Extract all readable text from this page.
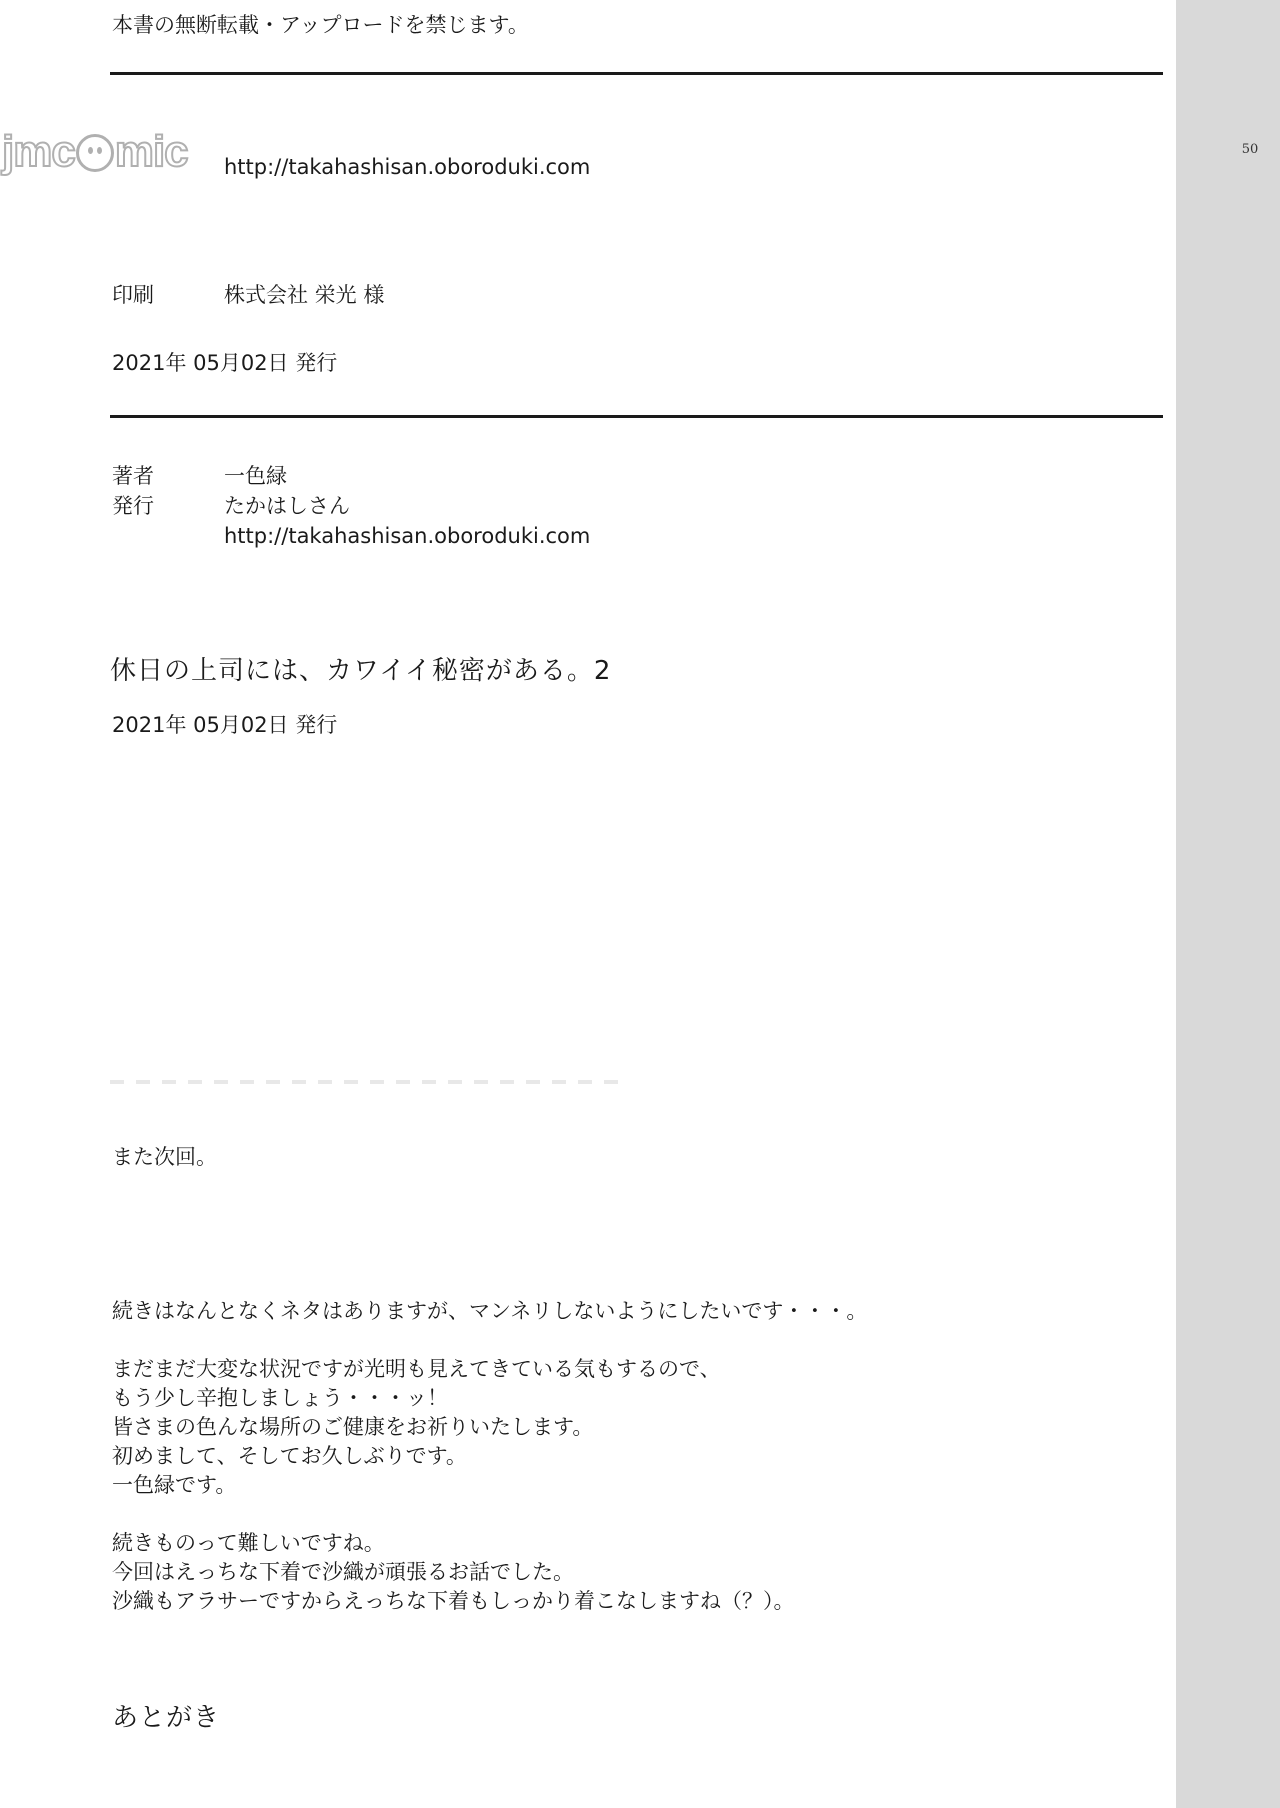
jmc mic
本書の無断転載・アップロードを禁じます。
http://takahashisan.oboroduki.com
印刷	株式会社 栄光 様
2021年 05月02日 発行
著者	一色緑
発行	たかはしさん
http://takahashisan.oboroduki.com
休日の上司には、カワイイ秘密がある。2
2021年 05月02日 発行
また次回。
続きはなんとなくネタはありますが、マンネリしないようにしたいです・・・。
まだまだ大変な状況ですが光明も見えてきている気もするので、
もう少し辛抱しましょう・・・ッ！
皆さまの色んな場所のご健康をお祈りいたします。
初めまして、そしてお久しぶりです。
一色緑です。
続きものって難しいですね。
今回はえっちな下着で沙織が頑張るお話でした。
沙織もアラサーですからえっちな下着もしっかり着こなしますね（？）。
あとがき
50
